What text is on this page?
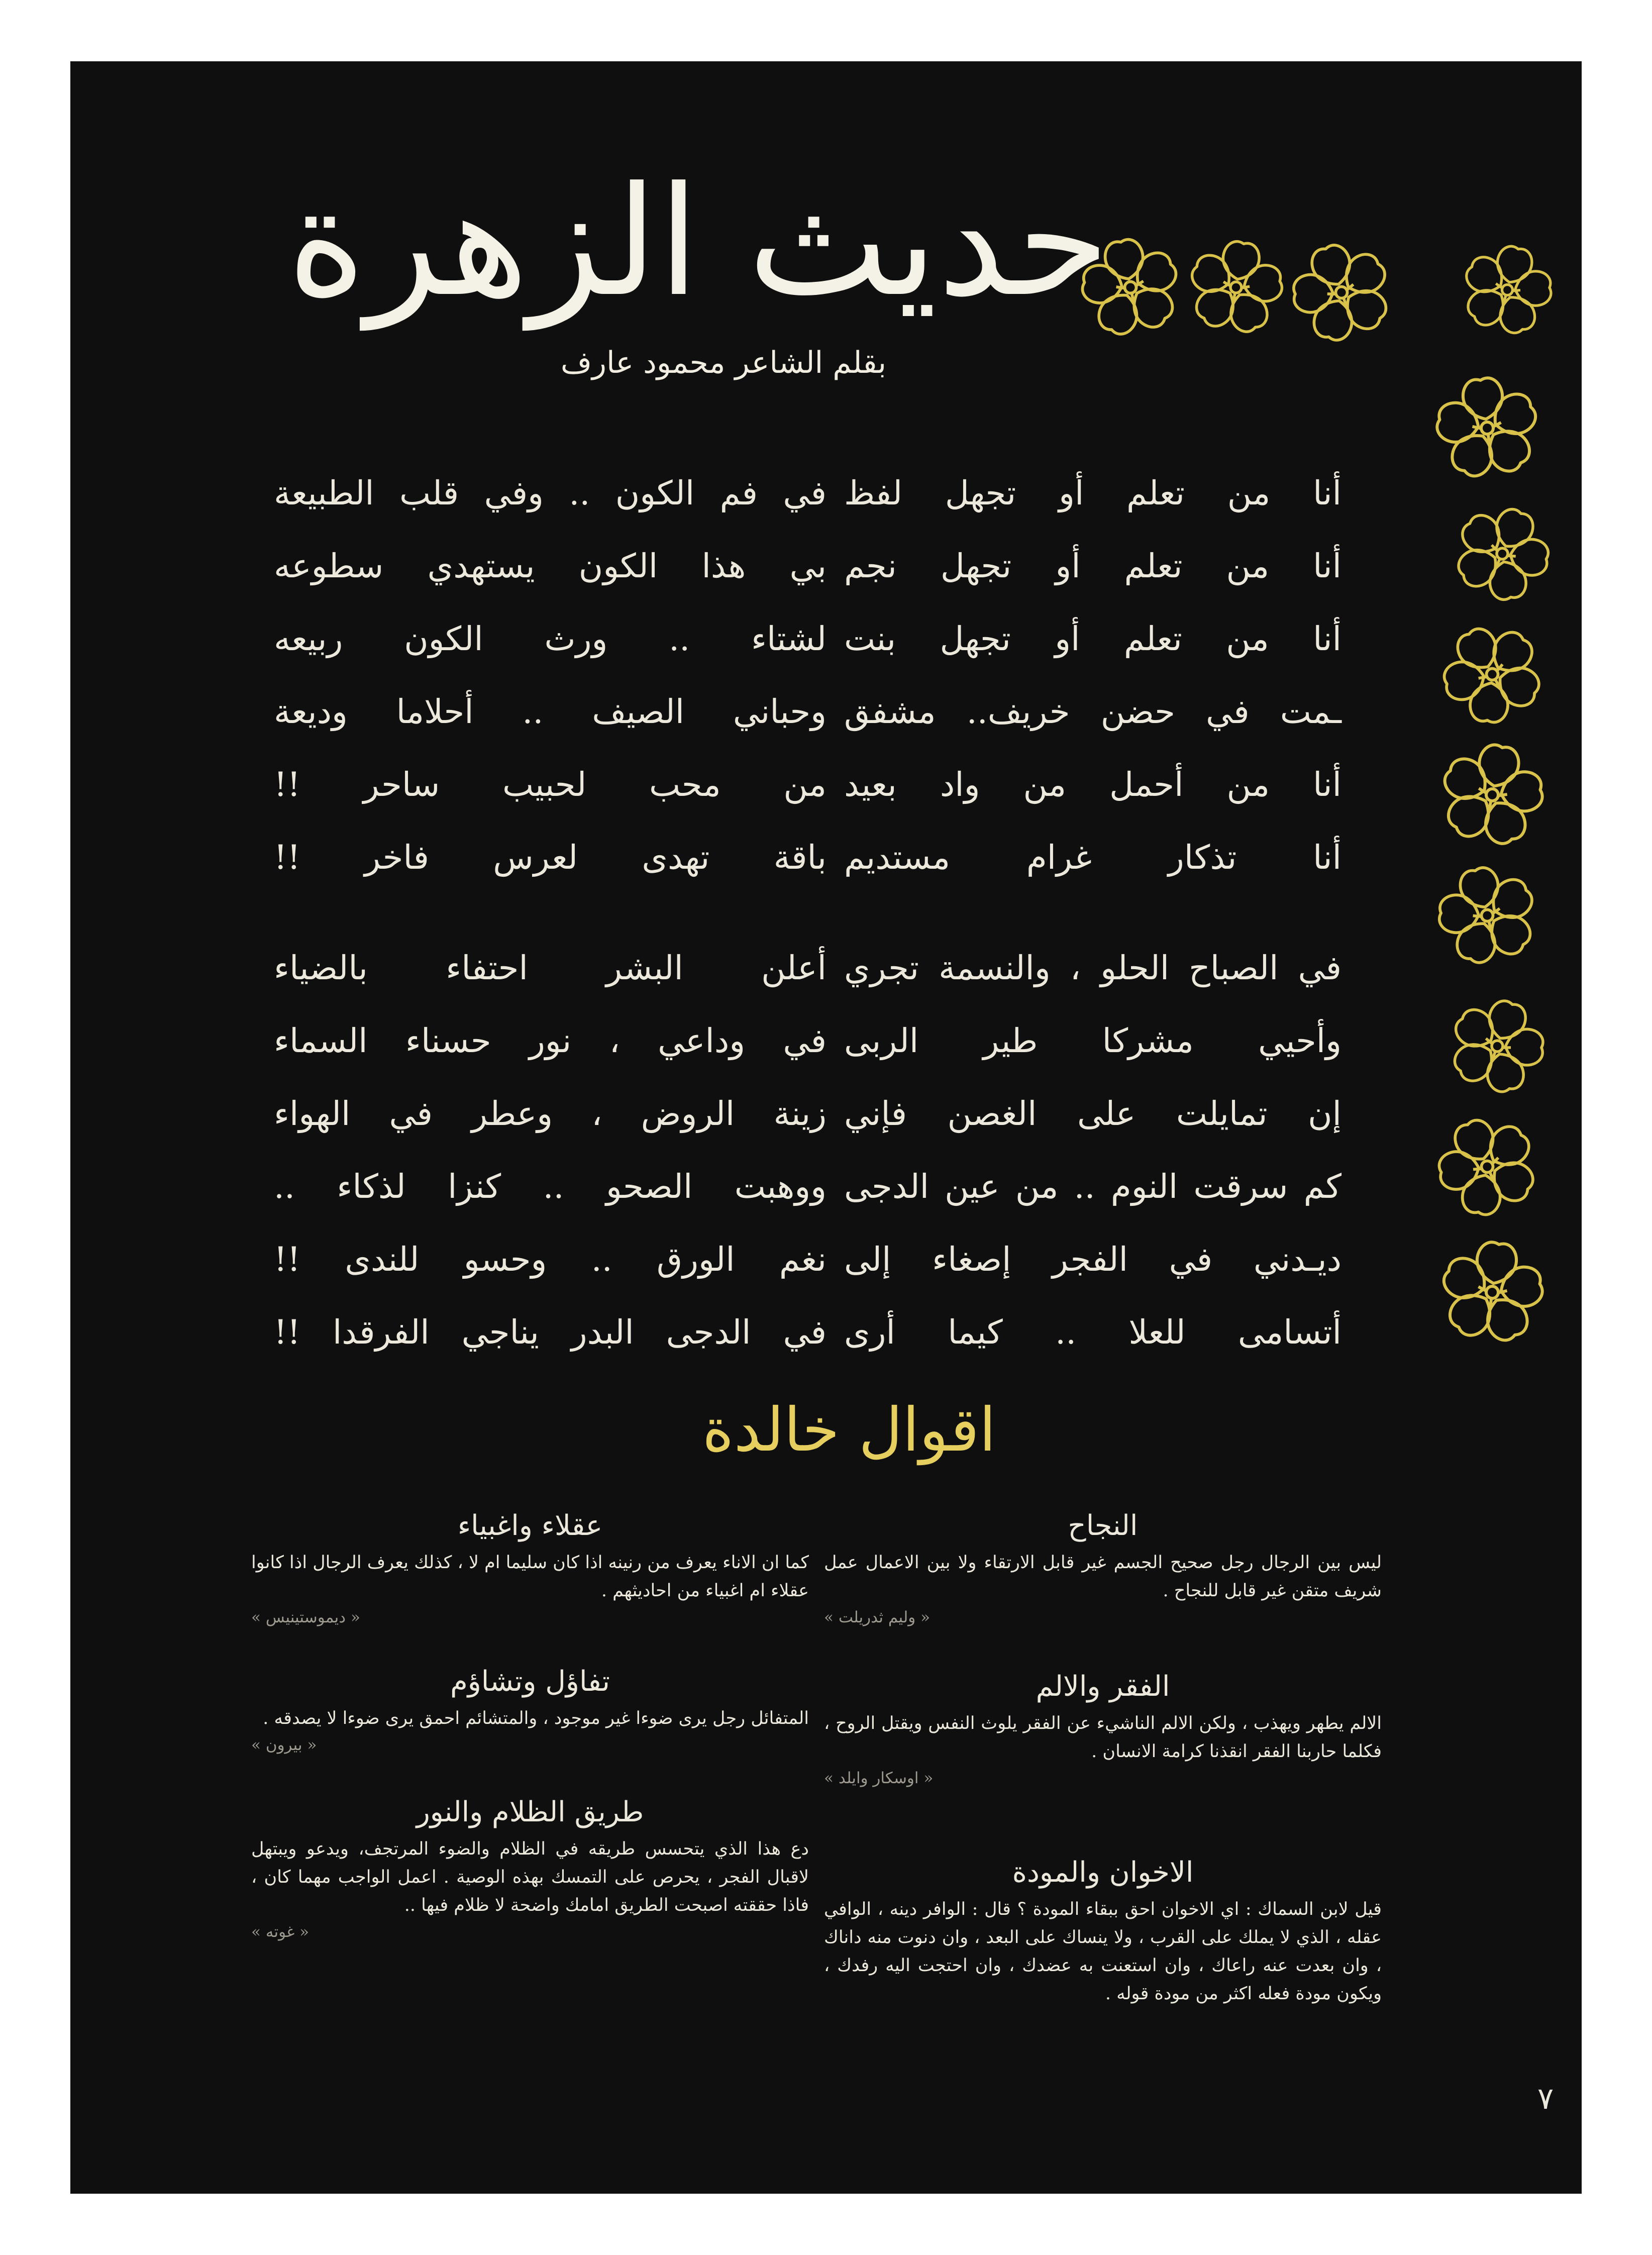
حديث الزهرة
بقلم الشاعر محمود عارف
أنا من تعلم أو تجهل لفظ
أنا من تعلم أو تجهل نجم
أنا من تعلم أو تجهل بنت
ـمت في حضن خريف.. مشفق
أنا من أحمل من واد بعيد
أنا تذكار غرام مستديم
في الصباح الحلو ، والنسمة تجري
وأحيي مشركا طير الربى
إن تمايلت على الغصن فإني
كم سرقت النوم .. من عين الدجى
ديـدني في الفجر إصغاء إلى
أتسامى للعلا .. كيما أرى
في فم الكون .. وفي قلب الطبيعة
بي هذا الكون يستهدي سطوعه
لشتاء .. ورث الكون ربيعه
وحباني الصيف .. أحلاما وديعة
من محب لحبيب ساحر !!
باقة تهدى لعرس فاخر !!
أعلن البشر احتفاء بالضياء
في وداعي ، نور حسناء السماء
زينة الروض ، وعطر في الهواء
ووهبت الصحو .. كنزا لذكاء ..
نغم الورق .. وحسو للندى !!
في الدجى البدر يناجي الفرقدا !!
اقوال خالدة
النجاح
ليس بين الرجال رجل صحيح الجسم غير قابل الارتقاء ولا بين الاعمال عمل شريف متقن غير قابل للنجاح .
« وليم ثدريلت »
الفقر والالم
الالم يطهر ويهذب ، ولكن الالم الناشيء عن الفقر يلوث النفس ويقتل الروح ، فكلما حاربنا الفقر انقذنا كرامة الانسان .
« اوسكار وايلد »
الاخوان والمودة
قيل لابن السماك : اي الاخوان احق ببقاء المودة ؟ قال : الوافر دينه ، الوافي عقله ، الذي لا يملك على القرب ، ولا ينساك على البعد ، وان دنوت منه داناك ، وان بعدت عنه راعاك ، وان استعنت به عضدك ، وان احتجت اليه رفدك ، ويكون مودة فعله اكثر من مودة قوله .
عقلاء واغبياء
كما ان الاناء يعرف من رنينه اذا كان سليما ام لا ، كذلك يعرف الرجال اذا كانوا عقلاء ام اغبياء من احاديثهم .
« ديموستينيس »
تفاؤل وتشاؤم
المتفائل رجل يرى ضوءا غير موجود ، والمتشائم احمق يرى ضوءا لا يصدقه .
« بيرون »
طريق الظلام والنور
دع هذا الذي يتحسس طريقه في الظلام والضوء المرتجف، ويدعو ويبتهل لاقبال الفجر ، يحرص على التمسك بهذه الوصية . اعمل الواجب مهما كان ، فاذا حققته اصبحت الطريق امامك واضحة لا ظلام فيها ..
« غوته »
٧
